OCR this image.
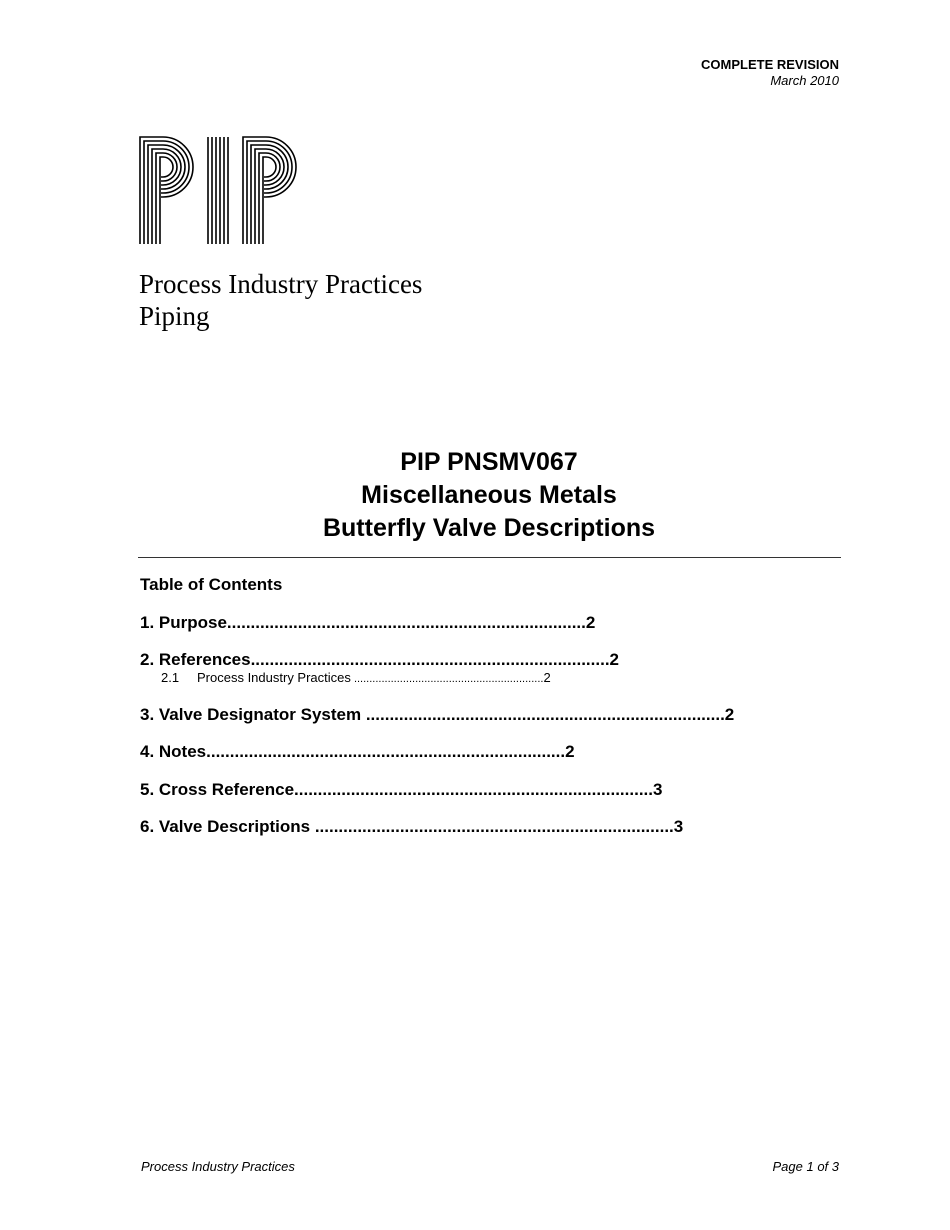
COMPLETE REVISION
March 2010
Process Industry Practices
Piping
PIP PNSMV067
Miscellaneous Metals
Butterfly Valve Descriptions
Table of Contents
1. Purpose ............................................................................ 2
2. References ............................................................................ 2
2.1	Process Industry Practices .............................................................. 2
3. Valve Designator System ............................................................................ 2
4. Notes ............................................................................ 2
5. Cross Reference ............................................................................ 3
6. Valve Descriptions ............................................................................ 3
Process Industry Practices	Page 1 of 3
